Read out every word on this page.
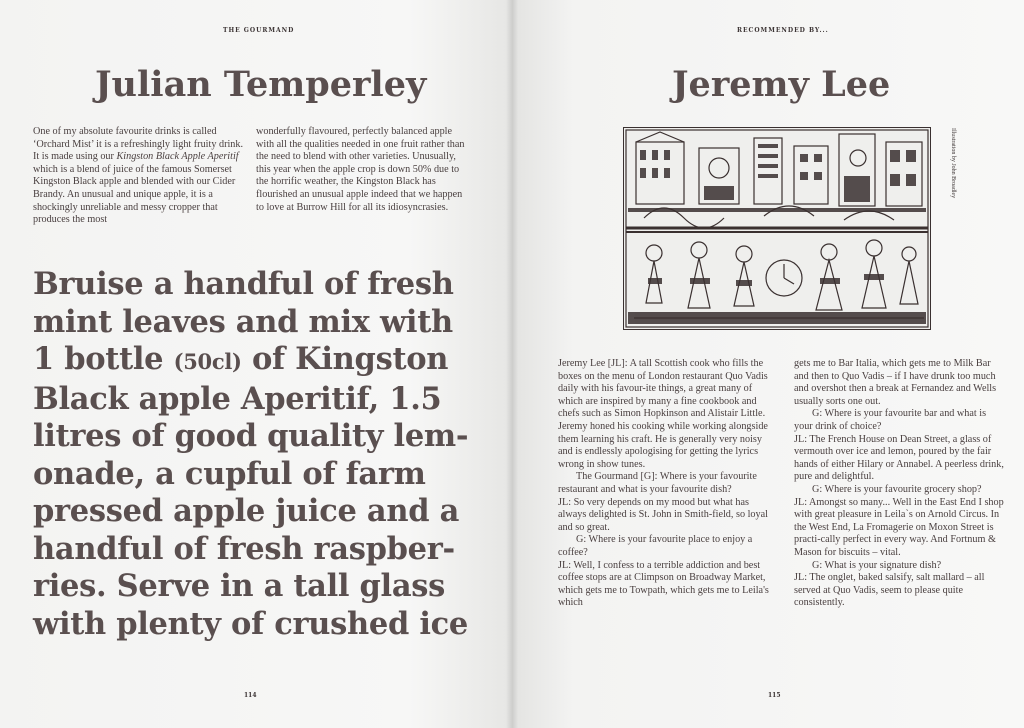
THE GOURMAND
Julian Temperley
One of my absolute favourite drinks is called ‘Orchard Mist’ it is a refreshingly light fruity drink. It is made using our Kingston Black Apple Aperitif which is a blend of juice of the famous Somerset Kingston Black apple and blended with our Cider Brandy. An unusual and unique apple, it is a shockingly unreliable and messy cropper that produces the most
wonderfully flavoured, perfectly balanced apple with all the qualities needed in one fruit rather than the need to blend with other varieties. Unusually, this year when the apple crop is down 50% due to the horrific weather, the Kingston Black has flourished an unusual apple indeed that we happen to love at Burrow Hill for all its idiosyncrasies.

Bruise a handful of fresh mint leaves and mix with 1 bottle (50cl) of Kingston Black apple Aperitif, 1.5 litres of good quality lem-onade, a cupful of farm pressed apple juice and a handful of fresh raspber-ries. Serve in a tall glass with plenty of crushed ice

114
RECOMMENDED BY...
Jeremy Lee
Illustration by John Broadley

Jeremy Lee [JL]: A tall Scottish cook who fills the boxes on the menu of London restaurant Quo Vadis daily with his favour-ite things, a great many of which are inspired by many a fine cookbook and chefs such as Simon Hopkinson and Alistair Little. Jeremy honed his cooking while working alongside them learning his craft. He is generally very noisy and is endlessly apologising for getting the lyrics wrong in show tunes.

The Gourmand [G]: Where is your favourite restaurant and what is your favourite dish?

JL: So very depends on my mood but what has always delighted is St. John in Smith-field, so loyal and so great.

G: Where is your favourite place to enjoy a coffee?

JL: Well, I confess to a terrible addiction and best coffee stops are at Climpson on Broadway Market, which gets me to Towpath, which gets me to Leila's which

gets me to Bar Italia, which gets me to Milk Bar and then to Quo Vadis – if I have drunk too much and overshot then a break at Fernandez and Wells usually sorts one out.

G: Where is your favourite bar and what is your drink of choice?

JL: The French House on Dean Street, a glass of vermouth over ice and lemon, poured by the fair hands of either Hilary or Annabel. A peerless drink, pure and delightful.

G: Where is your favourite grocery shop?

JL: Amongst so many... Well in the East End I shop with great pleasure in Leila`s on Arnold Circus. In the West End, La Fromagerie on Moxon Street is practi-cally perfect in every way. And Fortnum & Mason for biscuits – vital.

G: What is your signature dish?

JL: The onglet, baked salsify, salt mallard – all served at Quo Vadis, seem to please quite consistently.

115
